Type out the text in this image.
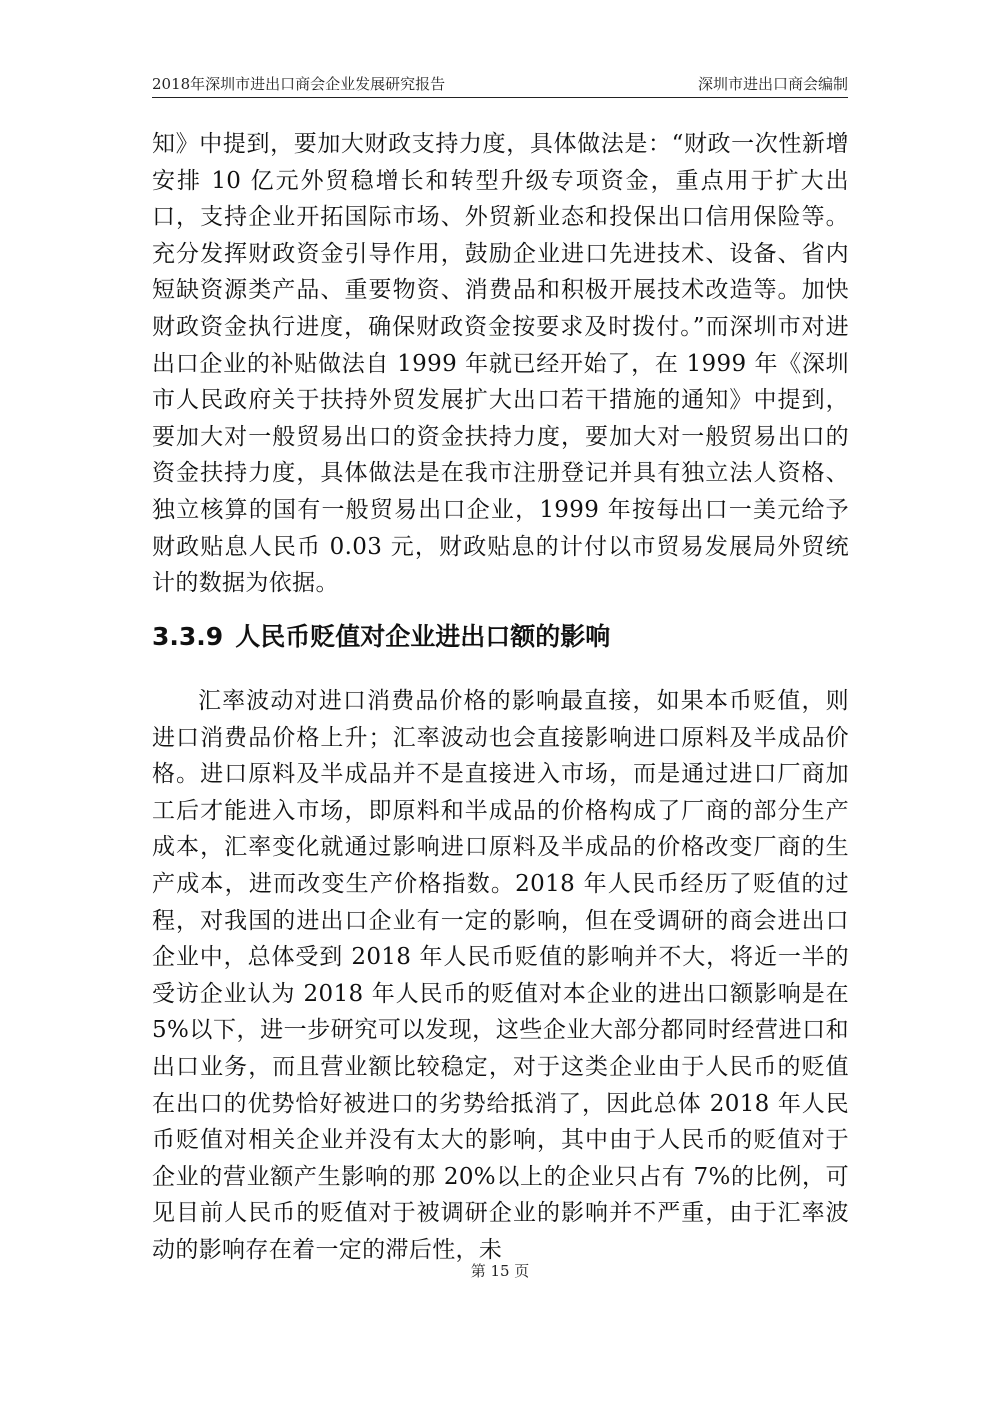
2018年深圳市进出口商会企业发展研究报告	深圳市进出口商会编制

知》中提到，要加大财政支持力度，具体做法是：“财政一次性新增安排 10 亿元外贸稳增长和转型升级专项资金，重点用于扩大出口，支持企业开拓国际市场、外贸新业态和投保出口信用保险等。充分发挥财政资金引导作用，鼓励企业进口先进技术、设备、省内短缺资源类产品、重要物资、消费品和积极开展技术改造等。加快财政资金执行进度，确保财政资金按要求及时拨付。”而深圳市对进出口企业的补贴做法自 1999 年就已经开始了，在 1999 年《深圳市人民政府关于扶持外贸发展扩大出口若干措施的通知》中提到，要加大对一般贸易出口的资金扶持力度，要加大对一般贸易出口的资金扶持力度，具体做法是在我市注册登记并具有独立法人资格、独立核算的国有一般贸易出口企业，1999 年按每出口一美元给予财政贴息人民币 0.03 元，财政贴息的计付以市贸易发展局外贸统计的数据为依据。

3.3.9 人民币贬值对企业进出口额的影响

汇率波动对进口消费品价格的影响最直接，如果本币贬值，则进口消费品价格上升；汇率波动也会直接影响进口原料及半成品价格。进口原料及半成品并不是直接进入市场，而是通过进口厂商加工后才能进入市场，即原料和半成品的价格构成了厂商的部分生产成本，汇率变化就通过影响进口原料及半成品的价格改变厂商的生产成本，进而改变生产价格指数。2018 年人民币经历了贬值的过程，对我国的进出口企业有一定的影响，但在受调研的商会进出口企业中，总体受到 2018 年人民币贬值的影响并不大，将近一半的受访企业认为 2018 年人民币的贬值对本企业的进出口额影响是在 5%以下，进一步研究可以发现，这些企业大部分都同时经营进口和出口业务，而且营业额比较稳定，对于这类企业由于人民币的贬值在出口的优势恰好被进口的劣势给抵消了，因此总体 2018 年人民币贬值对相关企业并没有太大的影响，其中由于人民币的贬值对于企业的营业额产生影响的那 20%以上的企业只占有 7%的比例，可见目前人民币的贬值对于被调研企业的影响并不严重，由于汇率波动的影响存在着一定的滞后性，未

第 15 页
